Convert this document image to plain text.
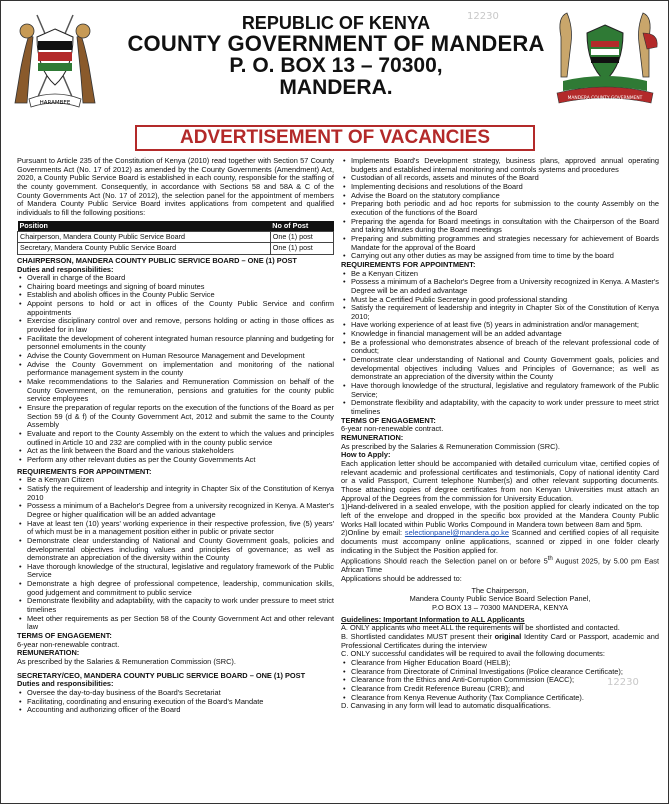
HARAMBEE
MANDERA COUNTY GOVERNMENT
12230
REPUBLIC OF KENYA
COUNTY GOVERNMENT OF MANDERA
P. O. BOX 13 – 70300,
MANDERA.
ADVERTISEMENT OF VACANCIES

Pursuant to Article 235 of the Constitution of Kenya (2010) read together with Section 57 County Governments Act (No. 17 of 2012) as amended by the County Governments (Amendment) Act, 2020, a County Public Service Board is established in each county, responsible for the staffing of the county government. Consequently, in accordance with Sections 58 and 58A & C of the County Governments Act (No. 17 of 2012), the selection panel for the appointment of members of Mandera County Public Service Board invites applications from competent and qualified individuals to fill the following positions:

Position	No of Post
Chairperson, Mandera County Public Service Board	One (1) post
Secretary, Mandera County Public Service Board	One (1) post
CHAIRPERSON, MANDERA COUNTY PUBLIC SERVICE BOARD – ONE (1) POST
Duties and responsibilities:
• Overall in charge of the Board
• Chairing board meetings and signing of board minutes
• Establish and abolish offices in the County Public Service
• Appoint persons to hold or act in offices of the County Public Service and confirm appointments
• Exercise disciplinary control over and remove, persons holding or acting in those offices as provided for in law
• Facilitate the development of coherent integrated human resource planning and budgeting for personnel emoluments in the county
• Advise the County Government on Human Resource Management and Development
• Advise the County Government on implementation and monitoring of the national performance management system in the county
• Make recommendations to the Salaries and Remuneration Commission on behalf of the County Government, on the remuneration, pensions and gratuities for the county public service employees
• Ensure the preparation of regular reports on the execution of the functions of the Board as per Section 59 (d & f) of the County Government Act, 2012 and submit the same to the County Assembly
• Evaluate and report to the County Assembly on the extent to which the values and principles outlined in Article 10 and 232 are complied with in the county public service
• Act as the link between the Board and the various stakeholders
• Perform any other relevant duties as per the County Governments Act
REQUIREMENTS FOR APPOINTMENT:
• Be a Kenyan Citizen
• Satisfy the requirement of leadership and integrity in Chapter Six of the Constitution of Kenya 2010
• Possess a minimum of a Bachelor's Degree from a university recognized in Kenya. A Master's Degree or higher qualification will be an added advantage
• Have at least ten (10) years' working experience in their respective profession, five (5) years' of which must be in a management position either in public or private sector
• Demonstrate clear understanding of National and County Government goals, policies and developmental objectives including values and principles of governance; as well as demonstrate an appreciation of the diversity within the County
• Have thorough knowledge of the structural, legislative and regulatory framework of the Public Service
• Demonstrate a high degree of professional competence, leadership, communication skills, good judgement and commitment to public service
• Demonstrate flexibility and adaptability, with the capacity to work under pressure to meet strict timelines
• Meet other requirements as per Section 58 of the County Government Act and other relevant law
TERMS OF ENGAGEMENT:

6-year non-renewable contract.

REMUNERATION:

As prescribed by the Salaries & Remuneration Commission (SRC).

SECRETARY/CEO, MANDERA COUNTY PUBLIC SERVICE BOARD – ONE (1) POST
Duties and responsibilities:
• Oversee the day-to-day business of the Board's Secretariat
• Facilitating, coordinating and ensuring execution of the Board's Mandate
• Accounting and authorizing officer of the Board
• Implements Board's Development strategy, business plans, approved annual operating budgets and established internal monitoring and controls systems and procedures
• Custodian of all records, assets and minutes of the Board
• Implementing decisions and resolutions of the Board
• Advise the Board on the statutory compliance
• Preparing both periodic and ad hoc reports for submission to the county Assembly on the execution of the functions of the Board
• Preparing the agenda for Board meetings in consultation with the Chairperson of the Board and taking Minutes during the Board meetings
• Preparing and submitting programmes and strategies necessary for achievement of Boards Mandate for the approval of the Board
• Carrying out any other duties as may be assigned from time to time by the board
REQUIREMENTS FOR APPOINTMENT:
• Be a Kenyan Citizen
• Possess a minimum of a Bachelor's Degree from a University recognized in Kenya. A Master's Degree will be an added advantage
• Must be a Certified Public Secretary in good professional standing
• Satisfy the requirement of leadership and integrity in Chapter Six of the Constitution of Kenya 2010;
• Have working experience of at least five (5) years in administration and/or management;
• Knowledge in financial management will be an added advantage
• Be a professional who demonstrates absence of breach of the relevant professional code of conduct;
• Demonstrate clear understanding of National and County Government goals, policies and developmental objectives including Values and Principles of Governance; as well as demonstrate an appreciation of the diversity within the County
• Have thorough knowledge of the structural, legislative and regulatory framework of the Public Service;
• Demonstrate flexibility and adaptability, with the capacity to work under pressure to meet strict timelines
TERMS OF ENGAGEMENT:

6-year non-renewable contract.

REMUNERATION:

As prescribed by the Salaries & Remuneration Commission (SRC).

How to Apply:

Each application letter should be accompanied with detailed curriculum vitae, certified copies of relevant academic and professional certificates and testimonials, Copy of national identity Card or a valid Passport, Current telephone Number(s) and other relevant supporting documents. Those attaching copies of degree certificates from non Kenyan Universities must attach an Approval of the Degrees from the commission for University Education.

1)Hand-delivered in a sealed envelope, with the position applied for clearly indicated on the top left of the envelope and dropped in the specific box provided at the Mandera County Public Works Hall located within Public Works Compound in Mandera town between 8am and 5pm.

2)Online by email: selectionpanel@mandera.go.ke Scanned and certified copies of all requisite documents must accompany online applications, scanned or zipped in one folder clearly indicating in the Subject the Position applied for.

Applications Should reach the Selection panel on or before 5th August 2025, by 5.00 pm East African Time

Applications should be addressed to:

The Chairperson,
Mandera County Public Service Board Selection Panel,
P.O BOX 13 – 70300 MANDERA, KENYA
Guidelines: Important Information to ALL Applicants

A. ONLY applicants who meet ALL the requirements will be shortlisted and contacted.

B. Shortlisted candidates MUST present their original Identity Card or Passport, academic and Professional Certificates during the interview

C. ONLY successful candidates will be required to avail the following documents:

• Clearance from Higher Education Board (HELB);
• Clearance from Directorate of Criminal Investigations (Police clearance Certificate);
• Clearance from the Ethics and Anti-Corruption Commission (EACC);
• Clearance from Credit Reference Bureau (CRB); and
• Clearance from Kenya Revenue Authority (Tax Compliance Certificate).

D. Canvasing in any form will lead to automatic disqualifications.

12230
